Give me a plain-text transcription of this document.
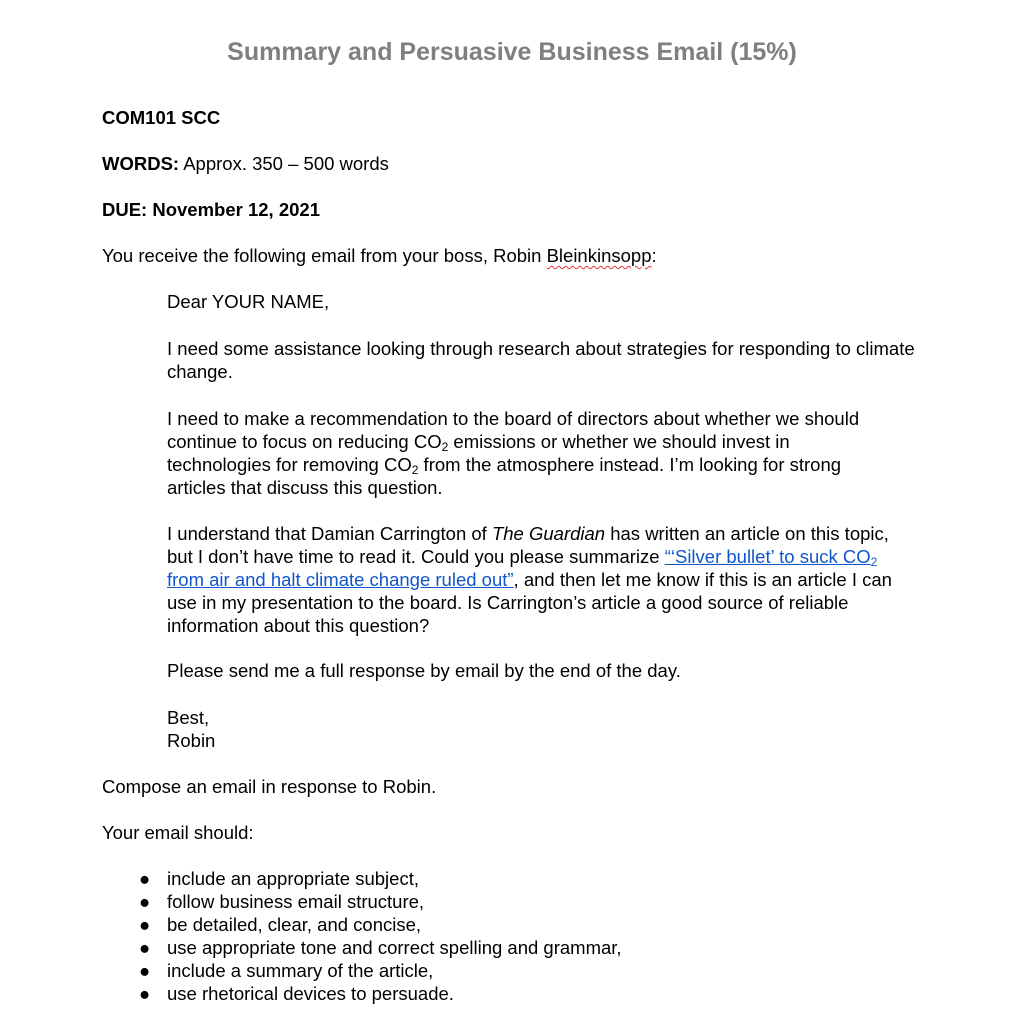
Summary and Persuasive Business Email (15%)
COM101 SCC
WORDS: Approx. 350 – 500 words
DUE: November 12, 2021
You receive the following email from your boss, Robin Bleinkinsopp:
Dear YOUR NAME,

I need some assistance looking through research about strategies for responding to climate change.

I need to make a recommendation to the board of directors about whether we should

continue to focus on reducing $CO_2$ emissions or whether we should invest in

technologies for removing $CO_2$ from the atmosphere instead. I’m looking for strong

articles that discuss this question.

I understand that Damian Carrington of The Guardian has written an article on this topic,

but I don’t have time to read it. Could you please summarize “‘Silver bullet’ to suck $CO_2$

from air and halt climate change ruled out”, and then let me know if this is an article I can

use in my presentation to the board. Is Carrington’s article a good source of reliable

information about this question?

Please send me a full response by email by the end of the day.
Best,
Robin
Compose an email in response to Robin.
Your email should:
● include an appropriate subject,
● follow business email structure,
● be detailed, clear, and concise,
● use appropriate tone and correct spelling and grammar,
● include a summary of the article,
● use rhetorical devices to persuade.
